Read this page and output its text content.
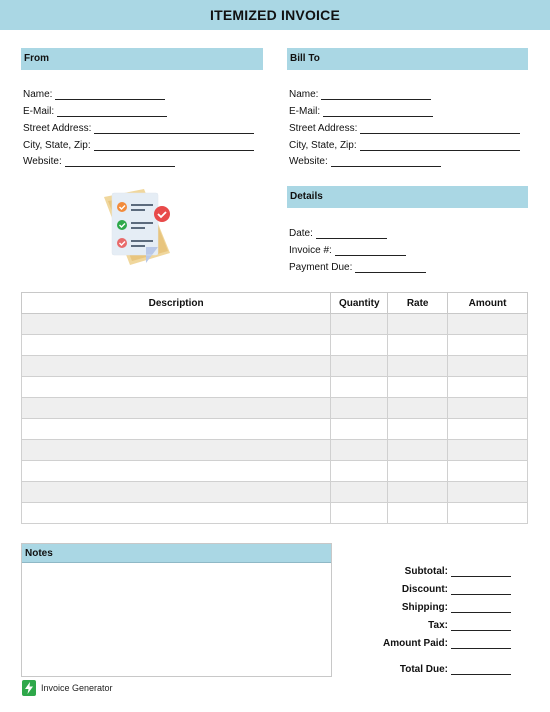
ITEMIZED INVOICE
From
Name:
E-Mail:
Street Address:
City, State, Zip:
Website:
Bill To
Name:
E-Mail:
Street Address:
City, State, Zip:
Website:
Details
Date:
Invoice #:
Payment Due:
Description	Quantity	Rate	Amount

Notes
Subtotal:
Discount:
Shipping:
Tax:
Amount Paid:
Total Due:
Invoice Generator
